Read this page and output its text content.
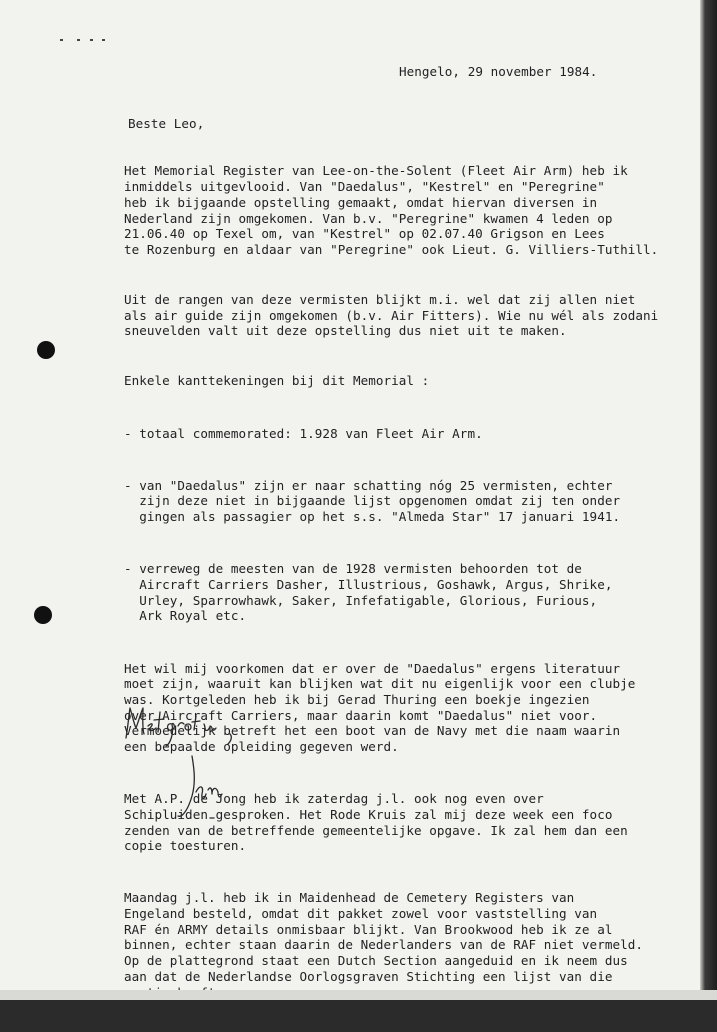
Hengelo, 29 november 1984.
Beste Leo,

Het Memorial Register van Lee-on-the-Solent (Fleet Air Arm) heb ik
inmiddels uitgevlooid. Van "Daedalus", "Kestrel" en "Peregrine"
heb ik bijgaande opstelling gemaakt, omdat hiervan diversen in
Nederland zijn omgekomen. Van b.v. "Peregrine" kwamen 4 leden op
21.06.40 op Texel om, van "Kestrel" op 02.07.40 Grigson en Lees
te Rozenburg en aldaar van "Peregrine" ook Lieut. G. Villiers-Tuthill.

Uit de rangen van deze vermisten blijkt m.i. wel dat zij allen niet
als air guide zijn omgekomen (b.v. Air Fitters). Wie nu wél als zodani
sneuvelden valt uit deze opstelling dus niet uit te maken.

Enkele kanttekeningen bij dit Memorial :

- totaal commemorated: 1.928 van Fleet Air Arm.

- van "Daedalus" zijn er naar schatting nóg 25 vermisten, echter
zijn deze niet in bijgaande lijst opgenomen omdat zij ten onder
gingen als passagier op het s.s. "Almeda Star" 17 januari 1941.

- verreweg de meesten van de 1928 vermisten behoorden tot de
Aircraft Carriers Dasher, Illustrious, Goshawk, Argus, Shrike,
Urley, Sparrowhawk, Saker, Infefatigable, Glorious, Furious,
Ark Royal etc.

Het wil mij voorkomen dat er over de "Daedalus" ergens literatuur
moet zijn, waaruit kan blijken wat dit nu eigenlijk voor een clubje
was. Kortgeleden heb ik bij Gerad Thuring een boekje ingezien
over Aircraft Carriers, maar daarin komt "Daedalus" niet voor.
Vermoedelijk betreft het een boot van de Navy met die naam waarin
een bepaalde opleiding gegeven werd.

Met A.P. de Jong heb ik zaterdag j.l. ook nog even over
Schipluiden gesproken. Het Rode Kruis zal mij deze week een foco
zenden van de betreffende gemeentelijke opgave. Ik zal hem dan een
copie toesturen.

Maandag j.l. heb ik in Maidenhead de Cemetery Registers van
Engeland besteld, omdat dit pakket zowel voor vaststelling van
RAF én ARMY details onmisbaar blijkt. Van Brookwood heb ik ze al
binnen, echter staan daarin de Nederlanders van de RAF niet vermeld.
Op de plattegrond staat een Dutch Section aangeduid en ik neem dus
aan dat de Nederlandse Oorlogsgraven Stichting een lijst van die
